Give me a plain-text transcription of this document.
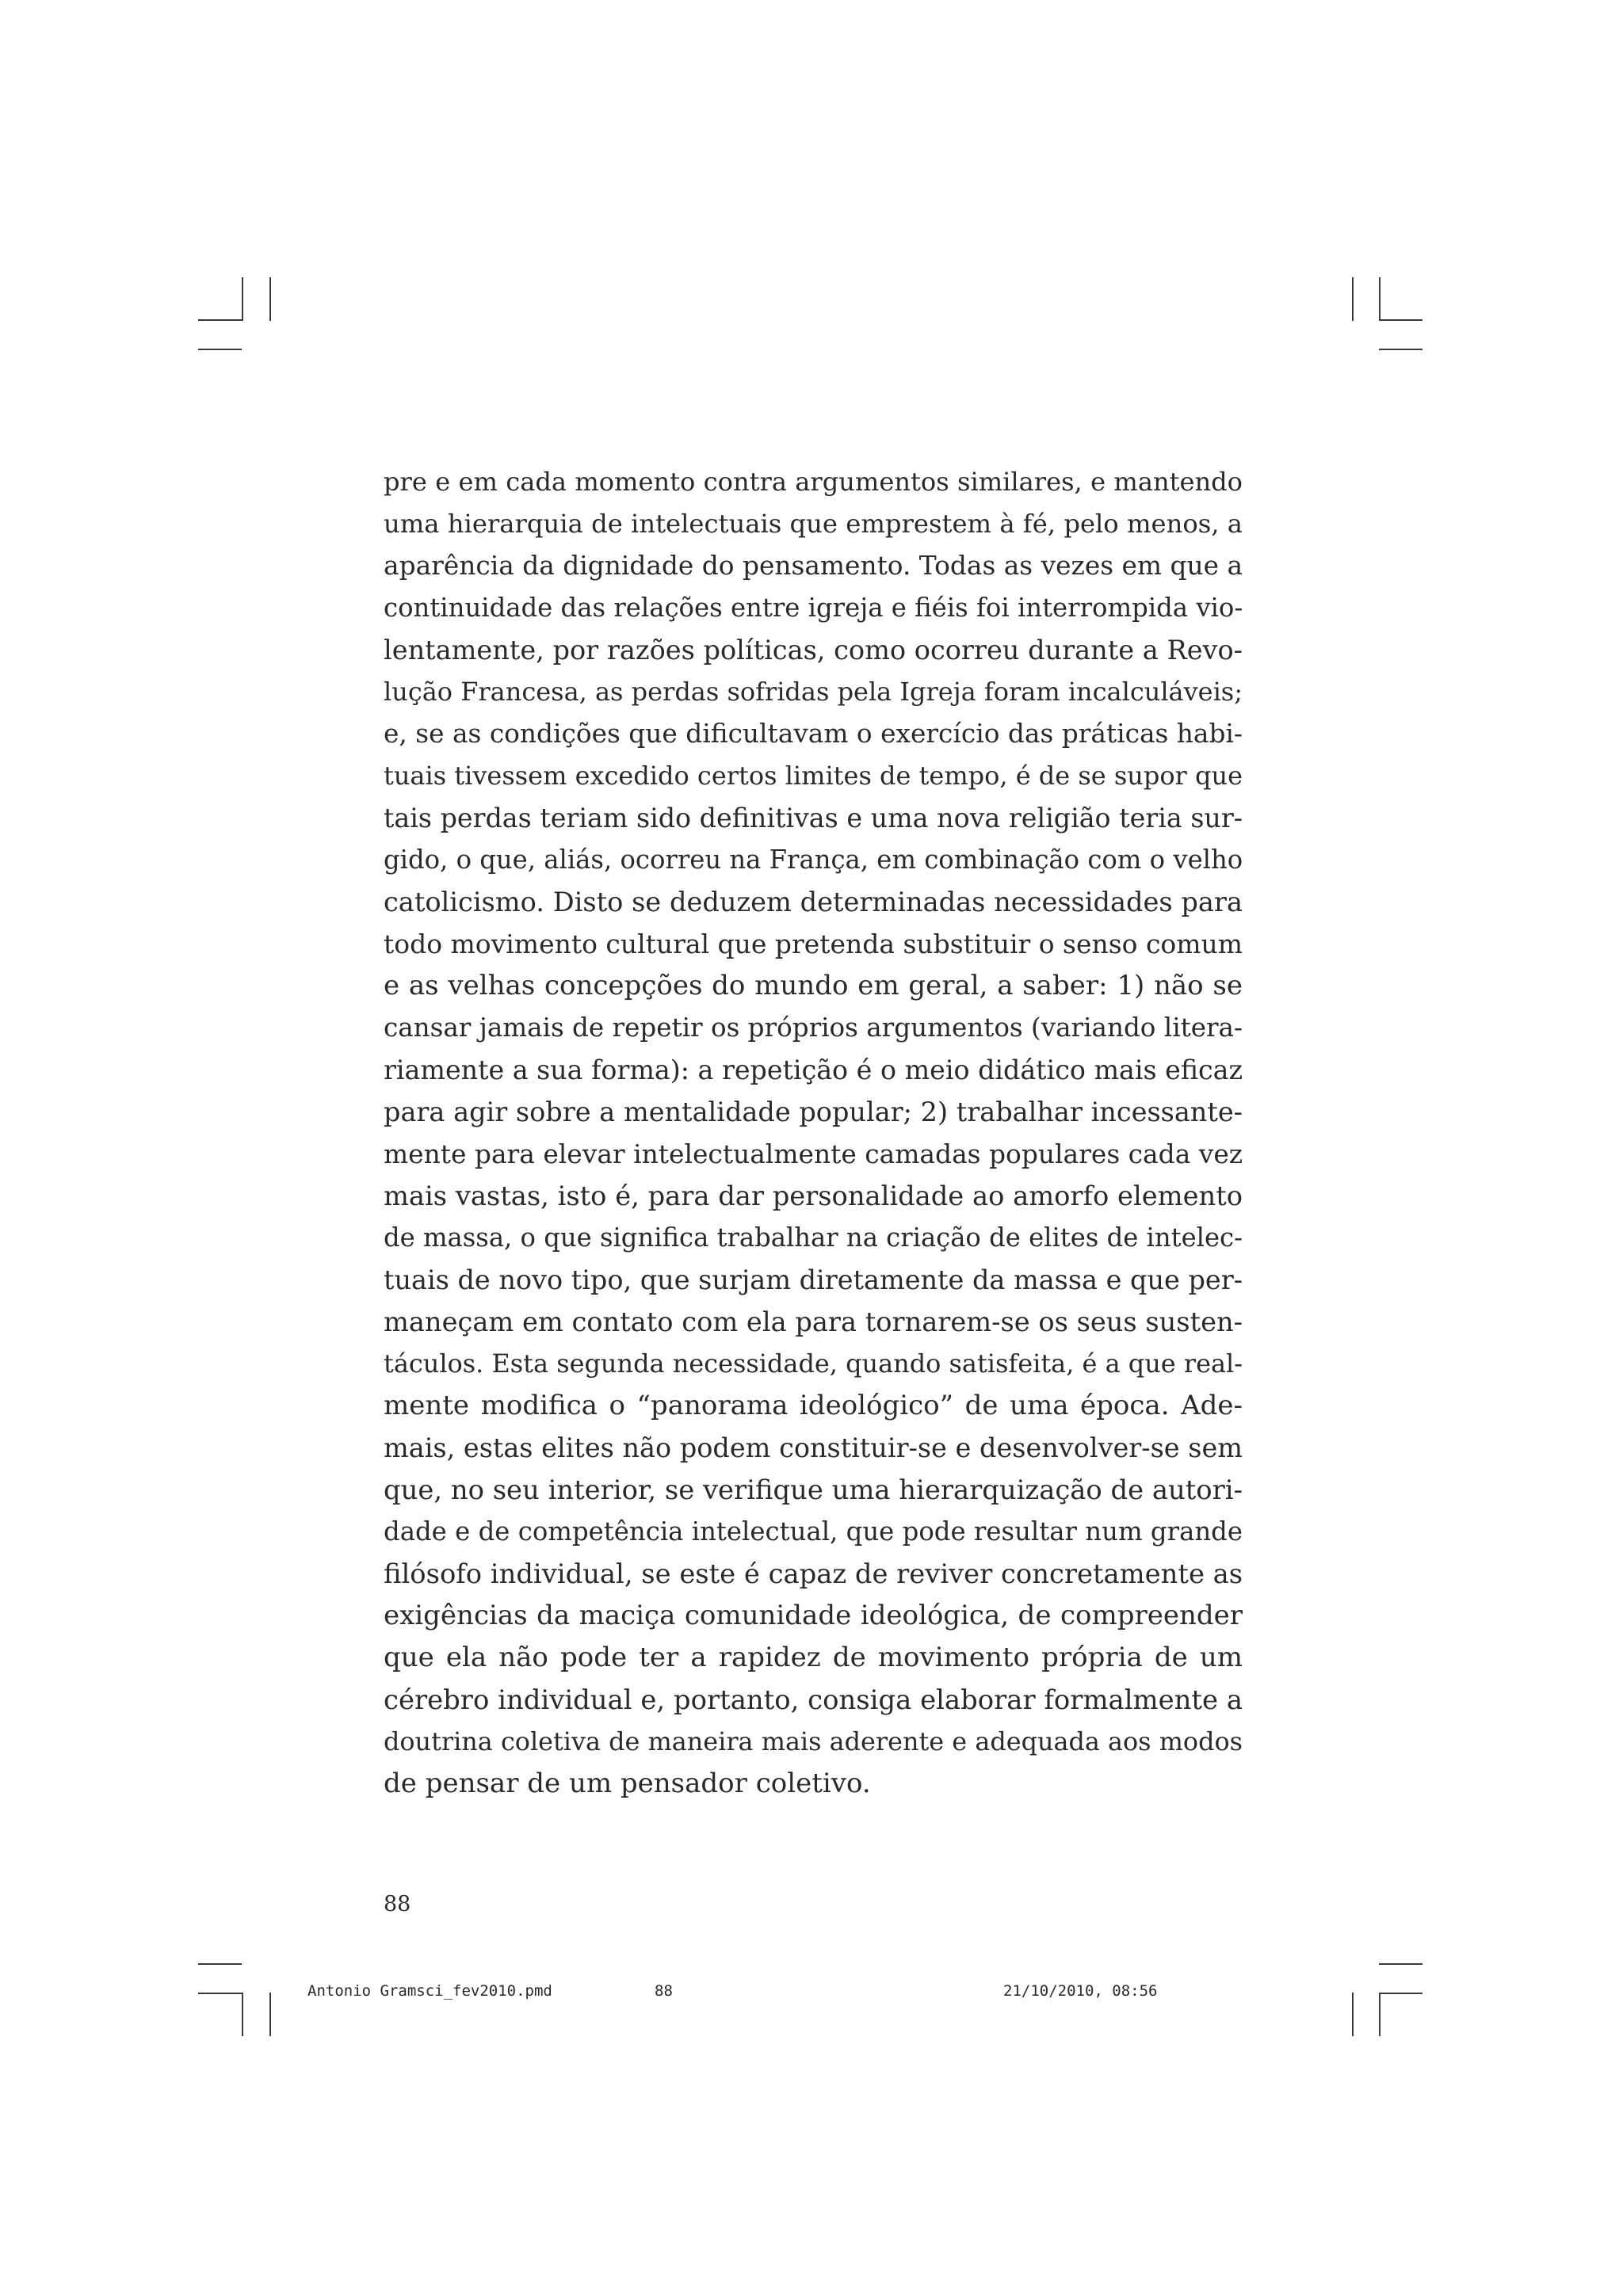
pre e em cada momento contra argumentos similares, e mantendo
uma hierarquia de intelectuais que emprestem à fé, pelo menos, a
aparência da dignidade do pensamento. Todas as vezes em que a
continuidade das relações entre igreja e fiéis foi interrompida vio-
lentamente, por razões políticas, como ocorreu durante a Revo-
lução Francesa, as perdas sofridas pela Igreja foram incalculáveis;
e, se as condições que dificultavam o exercício das práticas habi-
tuais tivessem excedido certos limites de tempo, é de se supor que
tais perdas teriam sido definitivas e uma nova religião teria sur-
gido, o que, aliás, ocorreu na França, em combinação com o velho
catolicismo. Disto se deduzem determinadas necessidades para
todo movimento cultural que pretenda substituir o senso comum
e as velhas concepções do mundo em geral, a saber: 1) não se
cansar jamais de repetir os próprios argumentos (variando litera-
riamente a sua forma): a repetição é o meio didático mais eficaz
para agir sobre a mentalidade popular; 2) trabalhar incessante-
mente para elevar intelectualmente camadas populares cada vez
mais vastas, isto é, para dar personalidade ao amorfo elemento
de massa, o que significa trabalhar na criação de elites de intelec-
tuais de novo tipo, que surjam diretamente da massa e que per-
maneçam em contato com ela para tornarem-se os seus susten-
táculos. Esta segunda necessidade, quando satisfeita, é a que real-
mente modifica o “panorama ideológico” de uma época. Ade-
mais, estas elites não podem constituir-se e desenvolver-se sem
que, no seu interior, se verifique uma hierarquização de autori-
dade e de competência intelectual, que pode resultar num grande
filósofo individual, se este é capaz de reviver concretamente as
exigências da maciça comunidade ideológica, de compreender
que ela não pode ter a rapidez de movimento própria de um
cérebro individual e, portanto, consiga elaborar formalmente a
doutrina coletiva de maneira mais aderente e adequada aos modos
de pensar de um pensador coletivo.
88
Antonio Gramsci_fev2010.pmd	88	21/10/2010, 08:56
